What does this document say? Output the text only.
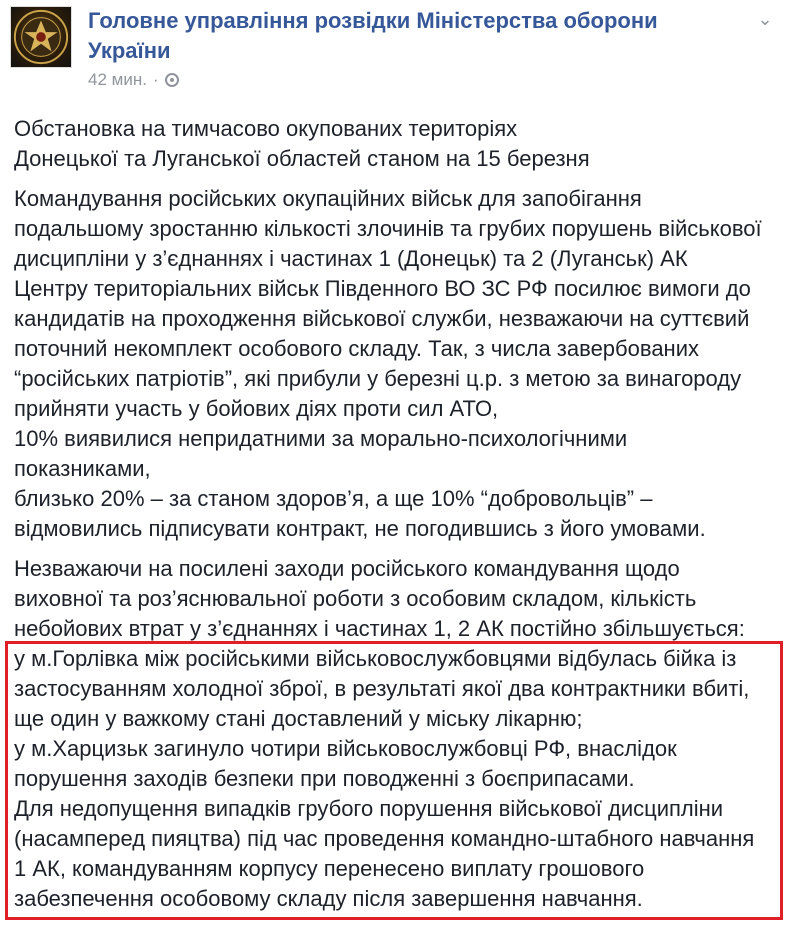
Головне управління розвідки Міністерства оборони
України
42 мин. ·
⌄

Обстановка на тимчасово окупованих територіях
Донецької та Луганської областей станом на 15 березня

Командування російських окупаційних військ для запобігання
подальшому зростанню кількості злочинів та грубих порушень військової
дисципліни у з’єднаннях і частинах 1 (Донецьк) та 2 (Луганськ) АК
Центру територіальних військ Південного ВО ЗС РФ посилює вимоги до
кандидатів на проходження військової служби, незважаючи на суттєвий
поточний некомплект особового складу. Так, з числа завербованих
“російських патріотів”, які прибули у березні ц.р. з метою за винагороду
прийняти участь у бойових діях проти сил АТО,
10% виявилися непридатними за морально-психологічними
показниками,
близько 20% – за станом здоров’я, а ще 10% “добровольців” –
відмовились підписувати контракт, не погодившись з його умовами.

Незважаючи на посилені заходи російського командування щодо
виховної та роз’яснювальної роботи з особовим складом, кількість
небойових втрат у з’єднаннях і частинах 1, 2 АК постійно збільшується:
у м.Горлівка між російськими військовослужбовцями відбулась бійка із
застосуванням холодної зброї, в результаті якої два контрактники вбиті,
ще один у важкому стані доставлений у міську лікарню;
у м.Харцизьк загинуло чотири військовослужбовці РФ, внаслідок
порушення заходів безпеки при поводженні з боєприпасами.
Для недопущення випадків грубого порушення військової дисципліни
(насамперед пияцтва) під час проведення командно-штабного навчання
1 АК, командуванням корпусу перенесено виплату грошового
забезпечення особовому складу після завершення навчання.
